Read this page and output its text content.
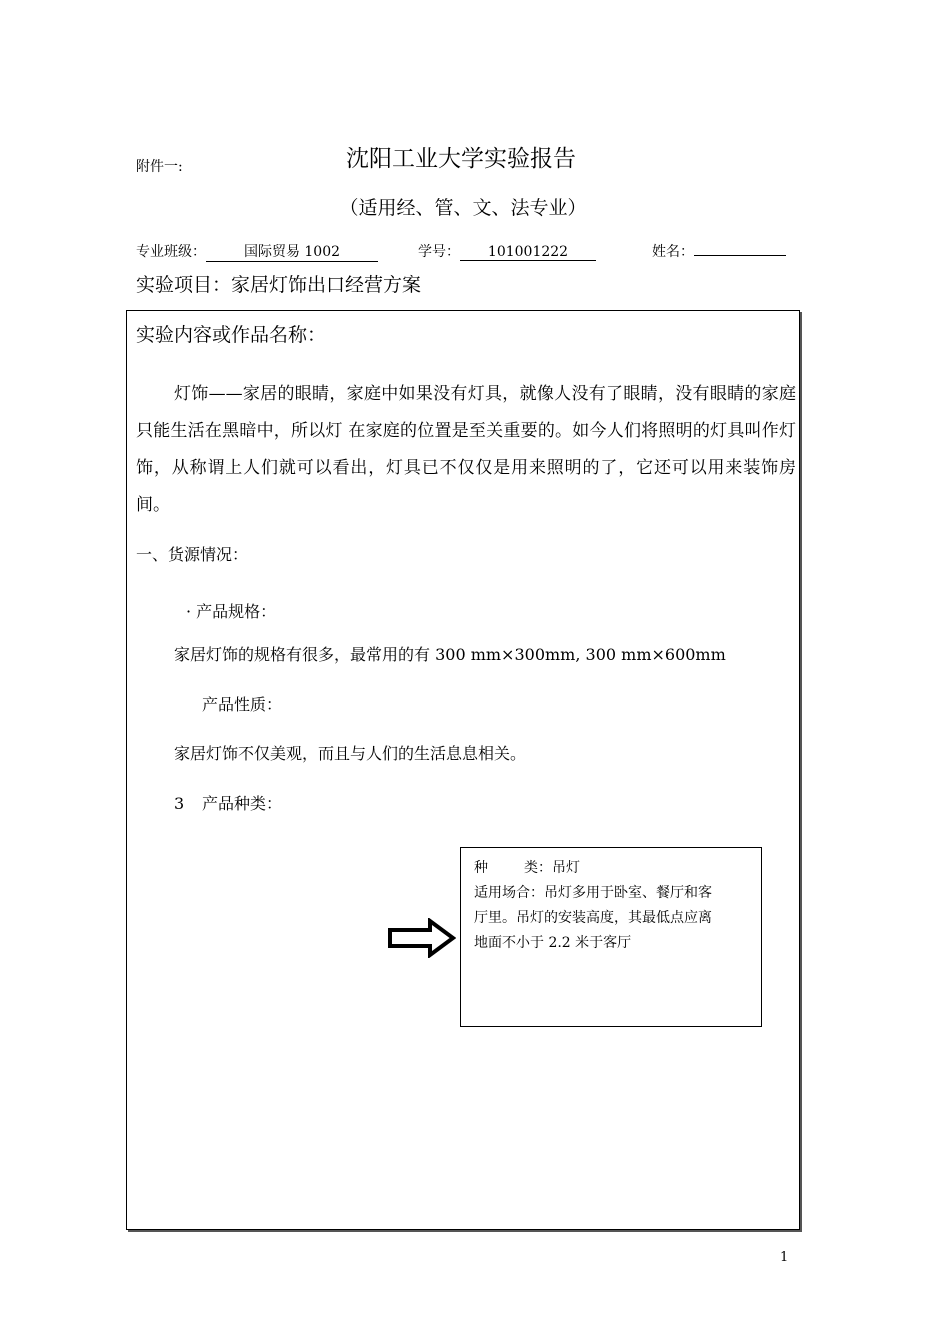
附件一:	沈阳工业大学实验报告
（适用经、管、文、法专业）
专业班级：	国际贸易 1002	学号： 101001222	姓名：
实验项目：家居灯饰出口经营方案
实验内容或作品名称：

灯饰——家居的眼睛，家庭中如果没有灯具，就像人没有了眼睛，没有眼睛的家庭只能生活在黑暗中，所以灯 在家庭的位置是至关重要的。如今人们将照明的灯具叫作灯饰，从称谓上人们就可以看出，灯具已不仅仅是用来照明的了，它还可以用来装饰房间。

一、货源情况：
· 产品规格：
家居灯饰的规格有很多，最常用的有 300 mm×300mm, 300 mm×600mm
产品性质：
家居灯饰不仅美观，而且与人们的生活息息相关。
3 产品种类：
种	类：吊灯
适用场合：吊灯多用于卧室、餐厅和客
厅里。吊灯的安装高度，其最低点应离
地面不小于 2.2 米于客厅
1
